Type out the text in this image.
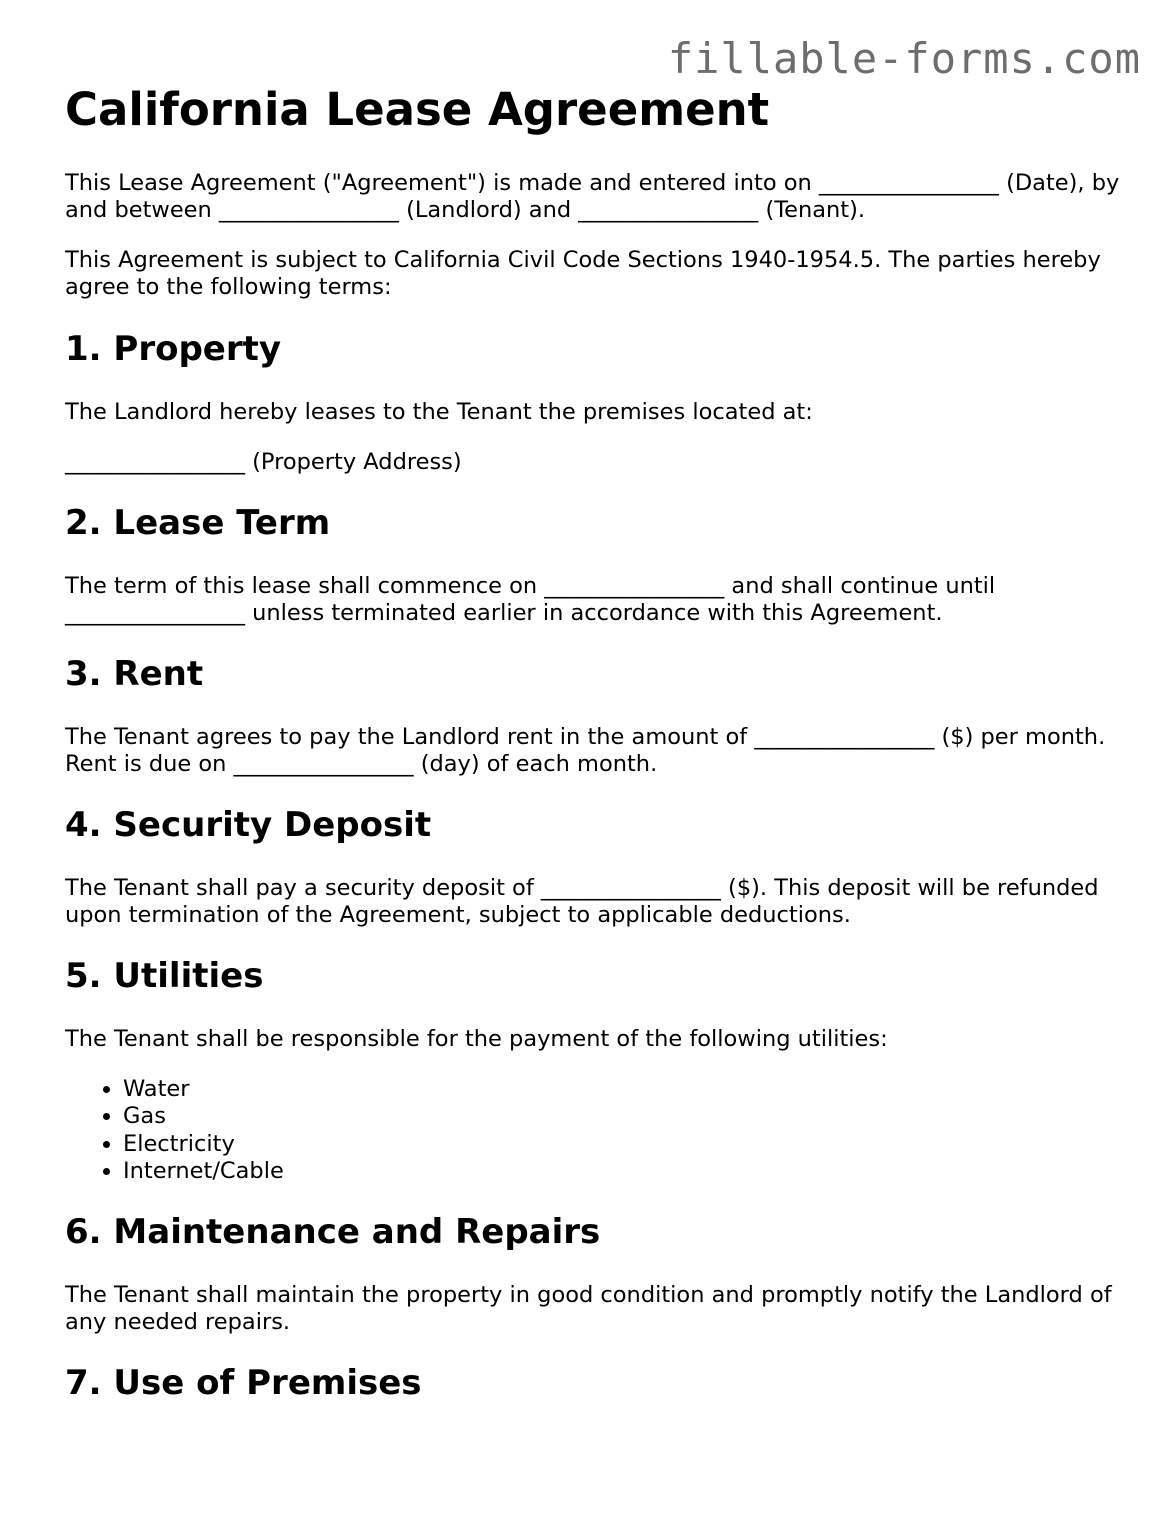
fillable-forms.com
California Lease Agreement

This Lease Agreement ("Agreement") is made and entered into on ________________ (Date), by and between ________________ (Landlord) and ________________ (Tenant).

This Agreement is subject to California Civil Code Sections 1940-1954.5. The parties hereby agree to the following terms:

1. Property

The Landlord hereby leases to the Tenant the premises located at:

________________ (Property Address)

2. Lease Term

The term of this lease shall commence on ________________ and shall continue until ________________ unless terminated earlier in accordance with this Agreement.

3. Rent

The Tenant agrees to pay the Landlord rent in the amount of ________________ ($) per month. Rent is due on ________________ (day) of each month.

4. Security Deposit

The Tenant shall pay a security deposit of ________________ ($). This deposit will be refunded upon termination of the Agreement, subject to applicable deductions.

5. Utilities

The Tenant shall be responsible for the payment of the following utilities:

• Water
• Gas
• Electricity
• Internet/Cable
6. Maintenance and Repairs

The Tenant shall maintain the property in good condition and promptly notify the Landlord of any needed repairs.

7. Use of Premises
